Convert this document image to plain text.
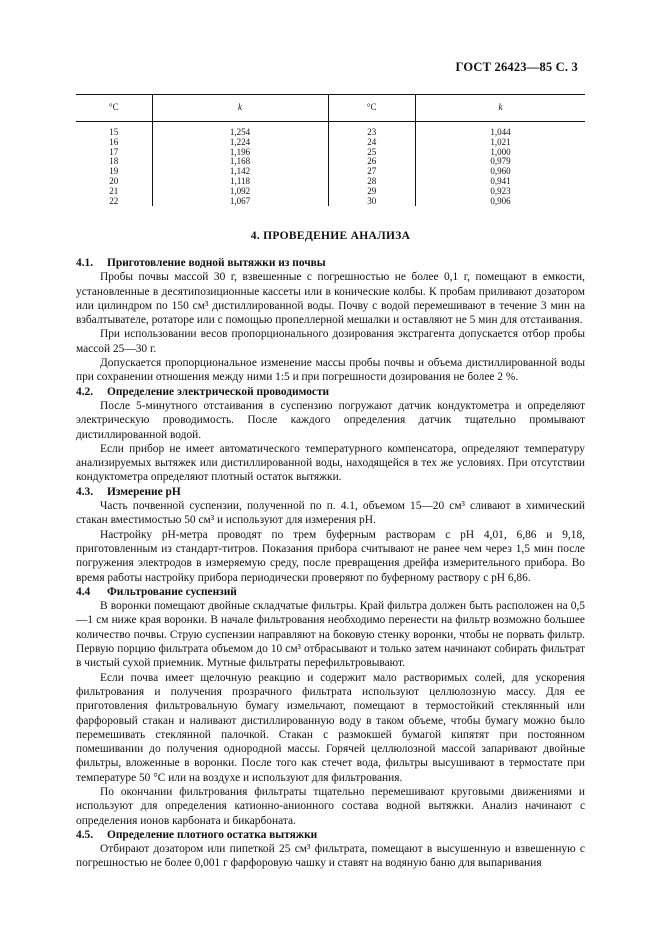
ГОСТ 26423—85 С. 3
°C	k	°C	k
15	1,254	23	1,044
16	1,224	24	1,021
17	1,196	25	1,000
18	1,168	26	0,979
19	1,142	27	0,960
20	1,118	28	0,941
21	1,092	29	0,923
22	1,067	30	0,906
4. ПРОВЕДЕНИЕ АНАЛИЗА

4.1. Приготовление водной вытяжки из почвы

Пробы почвы массой 30 г, взвешенные с погрешностью не более 0,1 г, помещают в емкости, установленные в десятипозиционные кассеты или в конические колбы. К пробам приливают дозатором или цилиндром по 150 см³ дистиллированной воды. Почву с водой перемешивают в течение 3 мин на взбалтывателе, ротаторе или с помощью пропеллерной мешалки и оставляют не 5 мин для отстаивания.

При использовании весов пропорционального дозирования экстрагента допускается отбор пробы массой 25—30 г.

Допускается пропорциональное изменение массы пробы почвы и объема дистиллированной воды при сохранении отношения между ними 1:5 и при погрешности дозирования не более 2 %.

4.2. Определение электрической проводимости

После 5-минутного отстаивания в суспензию погружают датчик кондуктометра и определяют электрическую проводимость. После каждого определения датчик тщательно промывают дистиллированной водой.

Если прибор не имеет автоматического температурного компенсатора, определяют температуру анализируемых вытяжек или дистиллированной воды, находящейся в тех же условиях. При отсутствии кондуктометра определяют плотный остаток вытяжки.

4.3. Измерение pH

Часть почвенной суспензии, полученной по п. 4.1, объемом 15—20 см³ сливают в химический стакан вместимостью 50 см³ и используют для измерения pH.

Настройку pH-метра проводят по трем буферным растворам с pH 4,01, 6,86 и 9,18, приготовленным из стандарт-титров. Показания прибора считывают не ранее чем через 1,5 мин после погружения электродов в измеряемую среду, после превращения дрейфа измерительного прибора. Во время работы настройку прибора периодически проверяют по буферному раствору с pH 6,86.

4.4 Фильтрование суспензий

В воронки помещают двойные складчатые фильтры. Край фильтра должен быть расположен на 0,5—1 см ниже края воронки. В начале фильтрования необходимо перенести на фильтр возможно большее количество почвы. Струю суспензии направляют на боковую стенку воронки, чтобы не порвать фильтр. Первую порцию фильтрата объемом до 10 см³ отбрасывают и только затем начинают собирать фильтрат в чистый сухой приемник. Мутные фильтраты перефильтровывают.

Если почва имеет щелочную реакцию и содержит мало растворимых солей, для ускорения фильтрования и получения прозрачного фильтрата используют целлюлозную массу. Для ее приготовления фильтровальную бумагу измельчают, помещают в термостойкий стеклянный или фарфоровый стакан и наливают дистиллированную воду в таком объеме, чтобы бумагу можно было перемешивать стеклянной палочкой. Стакан с размокшей бумагой кипятят при постоянном помешивании до получения однородной массы. Горячей целлюлозной массой запаривают двойные фильтры, вложенные в воронки. После того как стечет вода, фильтры высушивают в термостате при температуре 50 °C или на воздухе и используют для фильтрования.

По окончании фильтрования фильтраты тщательно перемешивают круговыми движениями и используют для определения катионно-анионного состава водной вытяжки. Анализ начинают с определения ионов карбоната и бикарбоната.

4.5. Определение плотного остатка вытяжки

Отбирают дозатором или пипеткой 25 см³ фильтрата, помещают в высушенную и взвешенную с погрешностью не более 0,001 г фарфоровую чашку и ставят на водяную баню для выпаривания
